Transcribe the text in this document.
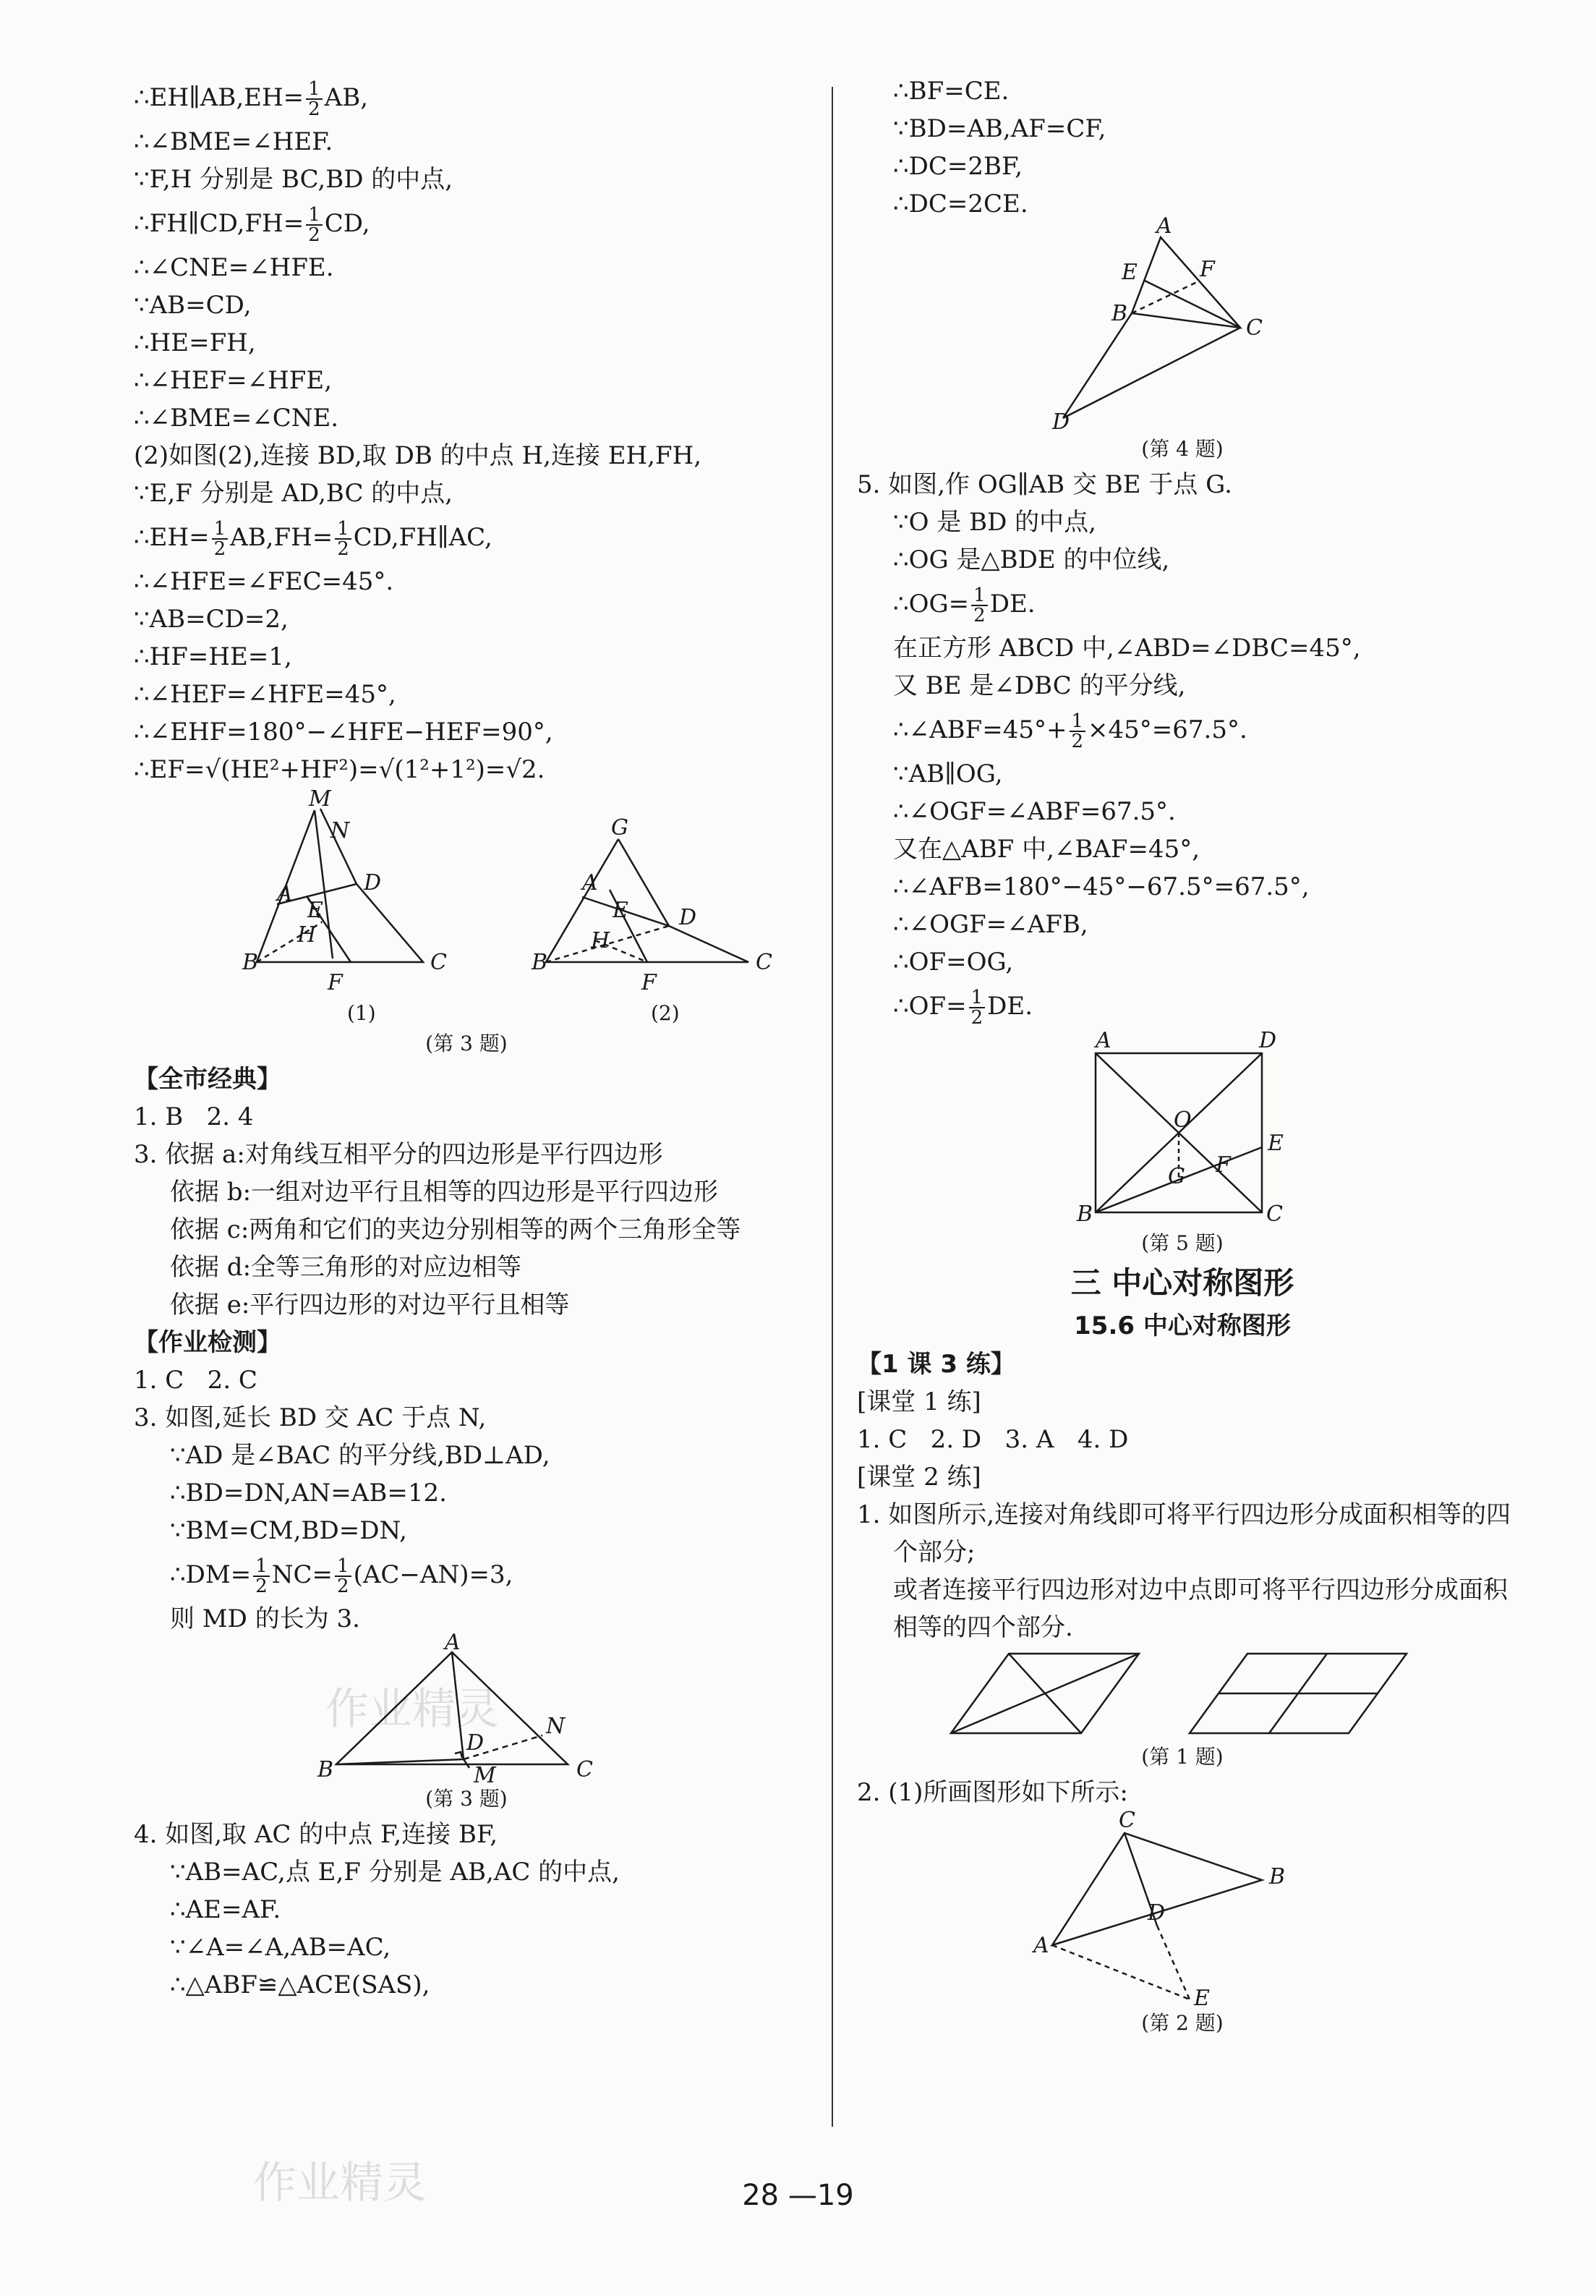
∴EH∥AB,EH= $\frac{1}{2}$ AB,
∴∠BME=∠HEF.
∵F,H 分别是 BC,BD 的中点,
∴FH∥CD,FH= $\frac{1}{2}$ CD,
∴∠CNE=∠HFE.
∵AB=CD,
∴HE=FH,
∴∠HEF=∠HFE,
∴∠BME=∠CNE.
(2)如图(2),连接 BD,取 DB 的中点 H,连接 EH,FH,
∵E,F 分别是 AD,BC 的中点,
∴EH= $\frac{1}{2} AB,FH= \frac{1}{2}$ CD,FH∥AC,
∴∠HFE=∠FEC=45°.
∵AB=CD=2,
∴HF=HE=1,
∴∠HEF=∠HFE=45°,
∴∠EHF=180°−∠HFE−HEF=90°,
∴EF=√(HE²+HF²)=√(1²+1²)=√2.
M
N
A	D
E
H
B	C
F
G
A
D
E
H
B	C
F
(1)	(2)
(第 3 题)
【全市经典】
1. B   2. 4
3. 依据 a:对角线互相平分的四边形是平行四边形
依据 b:一组对边平行且相等的四边形是平行四边形
依据 c:两角和它们的夹边分别相等的两个三角形全等
依据 d:全等三角形的对应边相等
依据 e:平行四边形的对边平行且相等
【作业检测】
1. C   2. C
3. 如图,延长 BD 交 AC 于点 N,
∵AD 是∠BAC 的平分线,BD⊥AD,
∴BD=DN,AN=AB=12.
∵BM=CM,BD=DN,
∴DM= $\frac{1}{2} NC= \frac{1}{2} (AC-AN)=3$,
则 MD 的长为 3.
A
D
N
B	C
M
(第 3 题)
4. 如图,取 AC 的中点 F,连接 BF,
∵AB=AC,点 E,F 分别是 AB,AC 的中点,
∴AE=AF.
∵∠A=∠A,AB=AC,
∴△ABF≌△ACE(SAS),
∴BF=CE.
∵BD=AB,AF=CF,
∴DC=2BF,
∴DC=2CE.
A
E	F
B
C
D
(第 4 题)
5. 如图,作 OG∥AB 交 BE 于点 G.
∵O 是 BD 的中点,
∴OG 是△BDE 的中位线,
∴OG= $\frac{1}{2}$ DE.
在正方形 ABCD 中,∠ABD=∠DBC=45°,
又 BE 是∠DBC 的平分线,
∴∠ABF=45°+ $\frac{1}{2} \times 45^\circ=67.5^\circ$.
∵AB∥OG,
∴∠OGF=∠ABF=67.5°.
又在△ABF 中,∠BAF=45°,
∴∠AFB=180°−45°−67.5°=67.5°,
∴∠OGF=∠AFB,
∴OF=OG,
∴OF= $\frac{1}{2}$ DE.
A	D
O
G F
E
B	C
(第 5 题)
三 中心对称图形
15.6 中心对称图形
【1 课 3 练】
[课堂 1 练]
1. C   2. D   3. A   4. D
[课堂 2 练]
1. 如图所示,连接对角线即可将平行四边形分成面积相等的四
个部分;
或者连接平行四边形对边中点即可将平行四边形分成面积
相等的四个部分.
(第 1 题)
2. (1)所画图形如下所示:
C
B
A
D
E
(第 2 题)
作业精灵
作业精灵	28 —19
